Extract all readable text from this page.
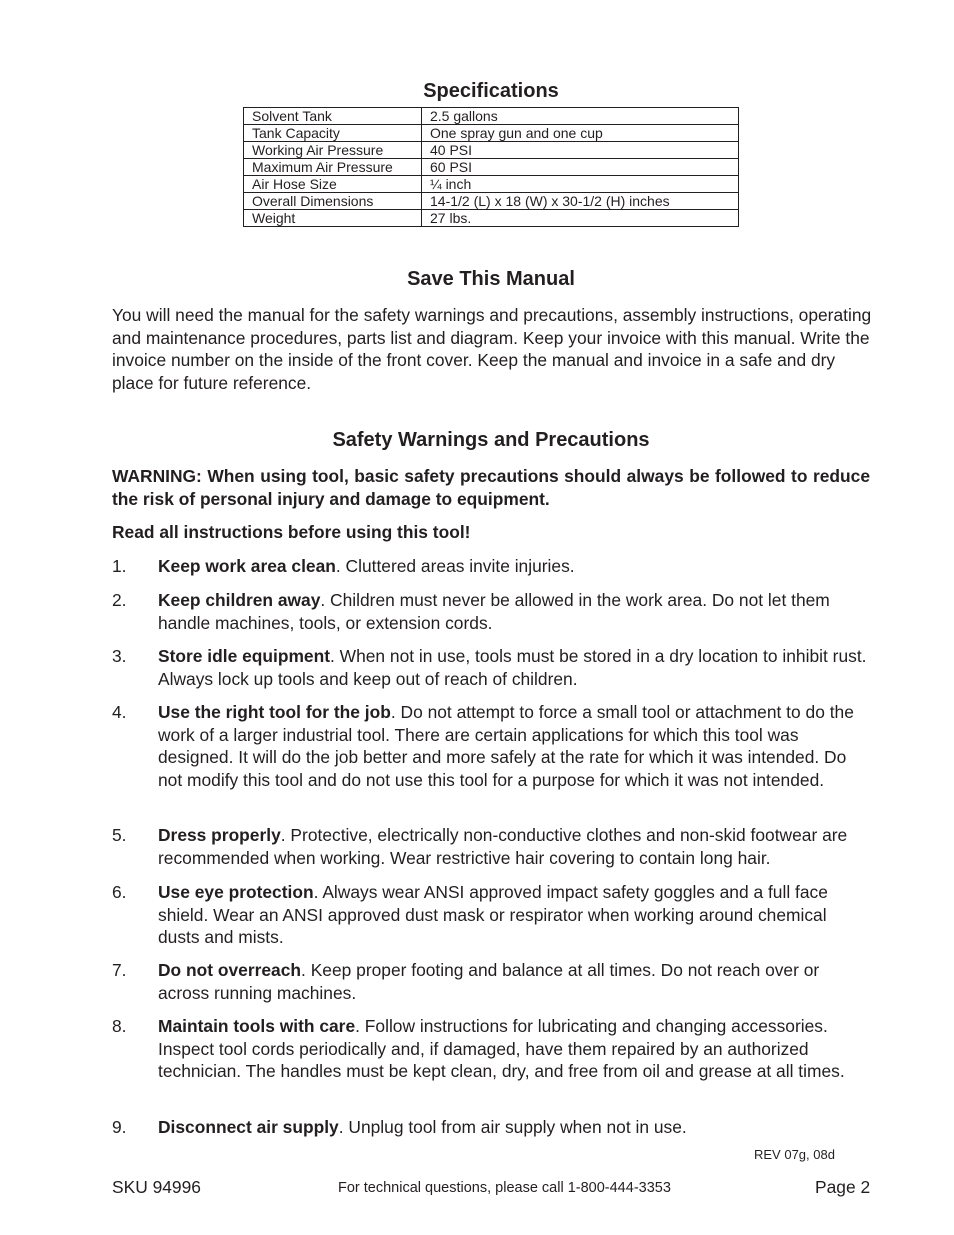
Specifications
Solvent Tank	2.5 gallons
Tank Capacity	One spray gun and one cup
Working Air Pressure	40 PSI
Maximum Air Pressure	60 PSI
Air Hose Size	¼ inch
Overall Dimensions	14-1/2 (L) x 18 (W) x 30-1/2 (H) inches
Weight	27 lbs.
Save This Manual

You will need the manual for the safety warnings and precautions, assembly instructions, operating and maintenance procedures, parts list and diagram. Keep your invoice with this manual. Write the invoice number on the inside of the front cover. Keep the manual and invoice in a safe and dry place for future reference.

Safety Warnings and Precautions

WARNING: When using tool, basic safety precautions should always be followed to reduce the risk of personal injury and damage to equipment.

Read all instructions before using this tool!

1. Keep work area clean. Cluttered areas invite injuries.
2. Keep children away. Children must never be allowed in the work area. Do not let them handle machines, tools, or extension cords.
3. Store idle equipment. When not in use, tools must be stored in a dry location to inhibit rust. Always lock up tools and keep out of reach of children.
4. Use the right tool for the job. Do not attempt to force a small tool or attachment to do the work of a larger industrial tool. There are certain applications for which this tool was designed. It will do the job better and more safely at the rate for which it was intended. Do not modify this tool and do not use this tool for a purpose for which it was not intended.
5. Dress properly. Protective, electrically non-conductive clothes and non-skid footwear are recommended when working. Wear restrictive hair covering to contain long hair.
6. Use eye protection. Always wear ANSI approved impact safety goggles and a full face shield. Wear an ANSI approved dust mask or respirator when working around chemical dusts and mists.
7. Do not overreach. Keep proper footing and balance at all times. Do not reach over or across running machines.
8. Maintain tools with care. Follow instructions for lubricating and changing accessories. Inspect tool cords periodically and, if damaged, have them repaired by an authorized technician. The handles must be kept clean, dry, and free from oil and grease at all times.
9. Disconnect air supply. Unplug tool from air supply when not in use.
REV 07g, 08d
SKU 94996	For technical questions, please call 1-800-444-3353	Page 2
